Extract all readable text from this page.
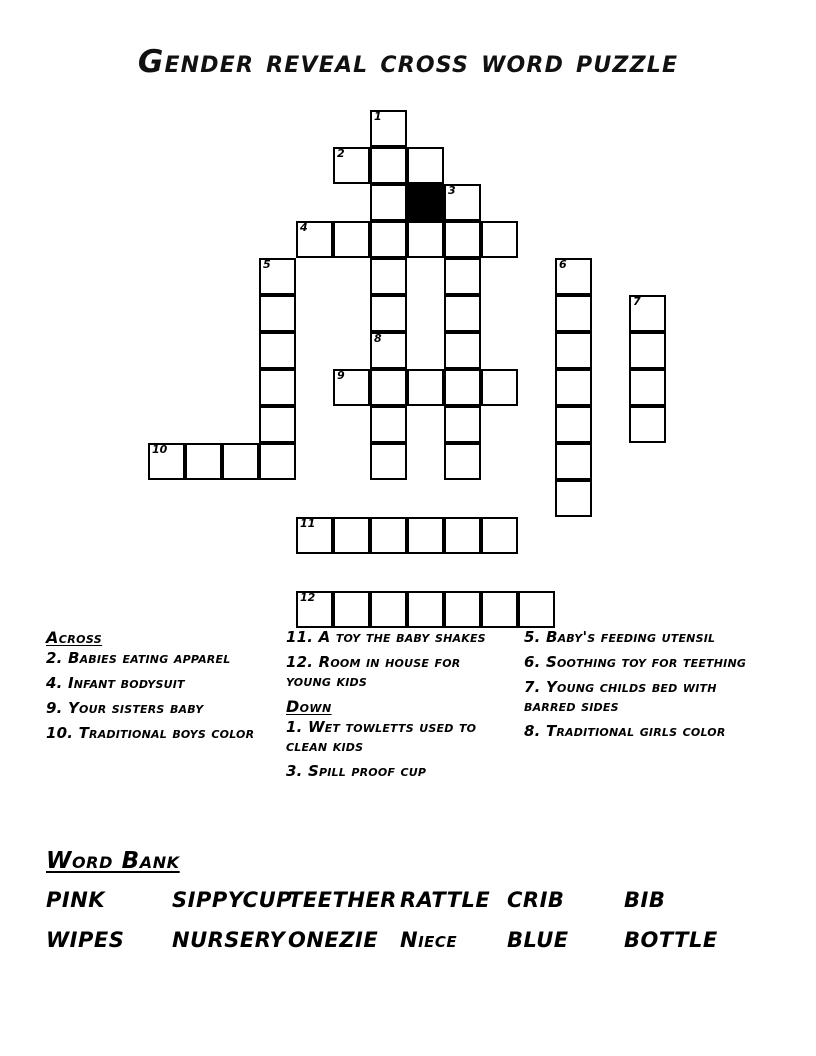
Gender reveal cross word puzzle
1
2
3
4
5	6
7
8
9
10
11
12
Across
2. Babies eating apparel
4. Infant bodysuit
9. Your sisters baby
10. Traditional boys color
11. A toy the baby shakes
12. Room in house for young kids
Down
1. Wet towletts used to clean kids
3. Spill proof cup
5. Baby's feeding utensil
6. Soothing toy for teething
7. Young childs bed with barred sides
8. Traditional girls color
Word Bank
PINK	SIPPYCUP
TEETHER RATTLE CRIB	BIB
WIPES	NURSERY ONEZIE	Niece	BLUE	BOTTLE
